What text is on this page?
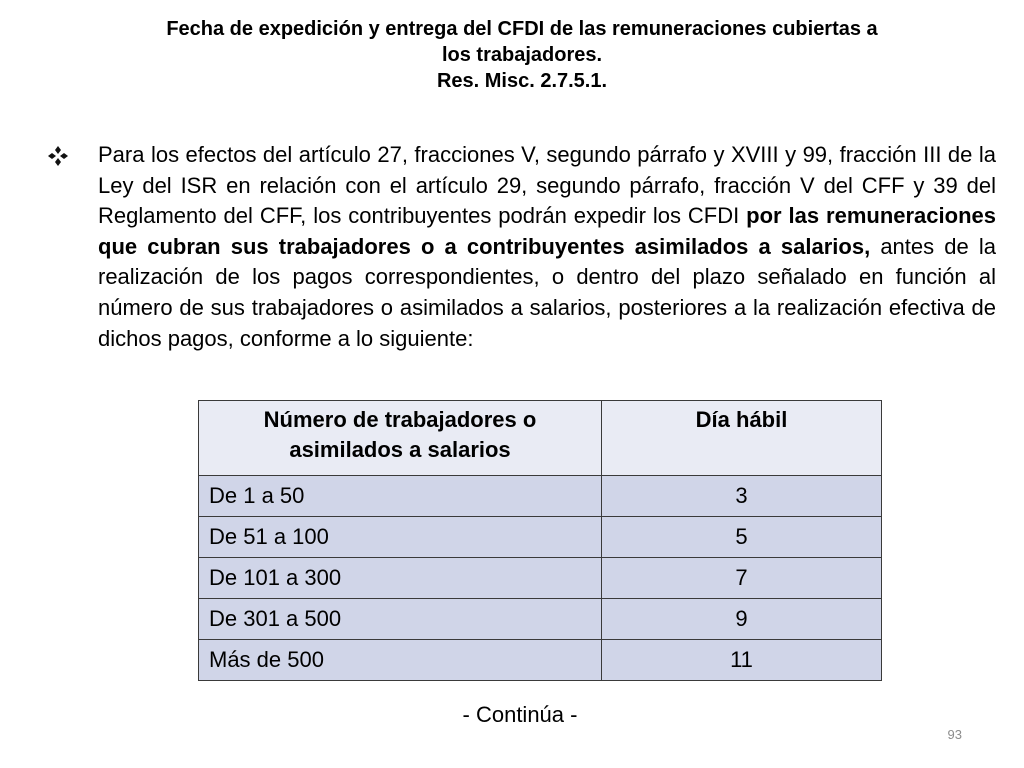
Fecha de expedición y entrega del CFDI de las remuneraciones cubiertas a
los trabajadores.
Res. Misc. 2.7.5.1.
Para los efectos del artículo 27, fracciones V, segundo párrafo y XVIII y 99, fracción III de la Ley del ISR en relación con el artículo 29, segundo párrafo, fracción V del CFF y 39 del Reglamento del CFF, los contribuyentes podrán expedir los CFDI por las remuneraciones que cubran sus trabajadores o a contribuyentes asimilados a salarios, antes de la realización de los pagos correspondientes, o dentro del plazo señalado en función al número de sus trabajadores o asimilados a salarios, posteriores a la realización efectiva de dichos pagos, conforme a lo siguiente:
Número de trabajadores o asimilados a salarios	Día hábil
De 1 a 50	3
De 51 a 100	5
De 101 a 300	7
De 301 a 500	9
Más de 500	11
- Continúa -
93
